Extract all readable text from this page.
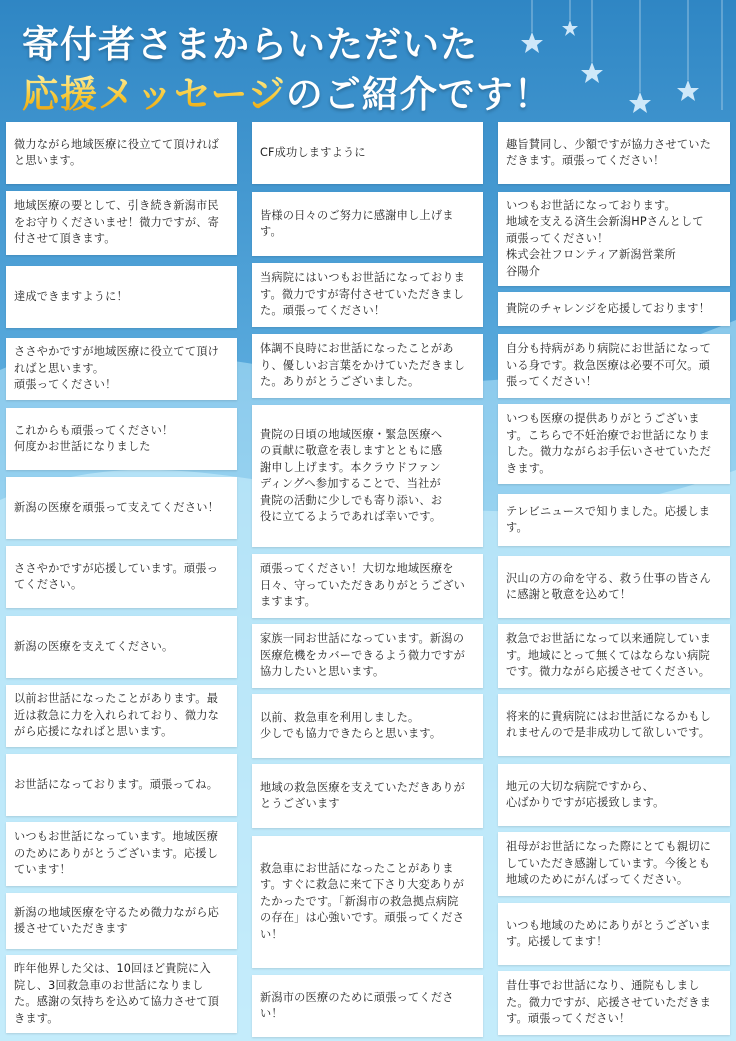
寄付者さまからいただいた
応援メッセージのご紹介です！
微力ながら地域医療に役立てて頂ければ
と思います。
地域医療の要として、引き続き新潟市民
をお守りくださいませ！微力ですが、寄
付させて頂きます。
達成できますように！
ささやかですが地域医療に役立てて頂け
ればと思います。
頑張ってください！
これからも頑張ってください！
何度かお世話になりました
新潟の医療を頑張って支えてください！
ささやかですが応援しています。頑張っ
てください。
新潟の医療を支えてください。
以前お世話になったことがあります。最
近は救急に力を入れられており、微力な
がら応援になればと思います。
お世話になっております。頑張ってね。
いつもお世話になっています。地域医療
のためにありがとうございます。応援し
ています！
新潟の地域医療を守るため微力ながら応
援させていただきます
昨年他界した父は、10回ほど貴院に入
院し、3回救急車のお世話になりまし
た。感謝の気持ちを込めて協力させて頂
きます。
CF成功しますように
皆様の日々のご努力に感謝申し上げま
す。
当病院にはいつもお世話になっておりま
す。微力ですが寄付させていただきまし
た。頑張ってください！
体調不良時にお世話になったことがあ
り、優しいお言葉をかけていただきまし
た。ありがとうございました。
貴院の日頃の地域医療・緊急医療へ
の貢献に敬意を表しますとともに感
謝申し上げます。本クラウドファン
ディングへ参加することで、当社が
貴院の活動に少しでも寄り添い、お
役に立てるようであれば幸いです。
頑張ってください！大切な地域医療を
日々、守っていただきありがとうござい
ますます。
家族一同お世話になっています。新潟の
医療危機をカバーできるよう微力ですが
協力したいと思います。
以前、救急車を利用しました。
少しでも協力できたらと思います。
地域の救急医療を支えていただきありが
とうございます
救急車にお世話になったことがありま
す。すぐに救急に来て下さり大変ありが
たかったです。「新潟市の救急拠点病院
の存在」は心強いです。頑張ってくださ
い！
新潟市の医療のために頑張ってくださ
い！
趣旨賛同し、少額ですが協力させていた
だきます。頑張ってください！
いつもお世話になっております。
地域を支える済生会新潟HPさんとして
頑張ってください！
株式会社フロンティア新潟営業所
谷陽介
貴院のチャレンジを応援しております！
自分も持病があり病院にお世話になって
いる身です。救急医療は必要不可欠。頑
張ってください！
いつも医療の提供ありがとうございま
す。こちらで不妊治療でお世話になりま
した。微力ながらお手伝いさせていただ
きます。
テレビニュースで知りました。応援しま
す。
沢山の方の命を守る、救う仕事の皆さん
に感謝と敬意を込めて！
救急でお世話になって以来通院していま
す。地域にとって無くてはならない病院
です。微力ながら応援させてください。
将来的に貴病院にはお世話になるかもし
れませんので是非成功して欲しいです。
地元の大切な病院ですから、
心ばかりですが応援致します。
祖母がお世話になった際にとても親切に
していただき感謝しています。今後とも
地域のためにがんばってください。
いつも地域のためにありがとうございま
す。応援してます！
昔仕事でお世話になり、通院もしまし
た。微力ですが、応援させていただきま
す。頑張ってください！
